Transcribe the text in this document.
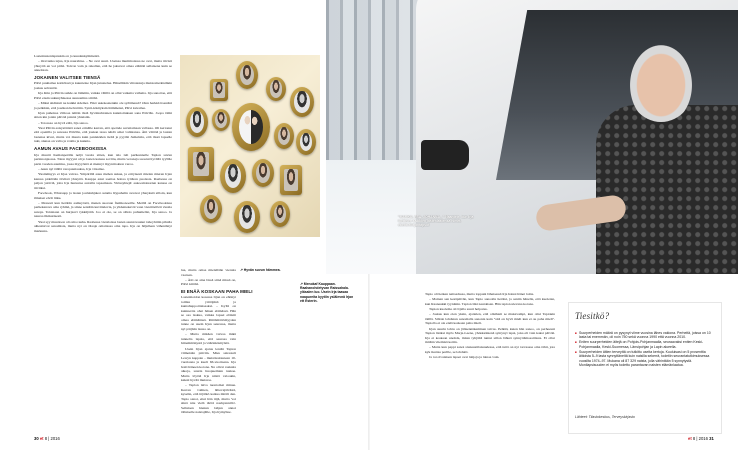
Lastenlastenlapsiakin on jo kuudenkymmentä.

– Oravanka tajua, Irja naurahtaa. – Ne ovat suuri. Useissa mummolassa ne ovat, mutta tiivisti yhteyttä en voi pitää. Toivon vain ja rakallen, että he jaksavat omaa elämää sellaisena kuin se annettaan.

JOKAINEN VALITSEE TIENSÄ

Päivi puuhailee kotitöissä ja kuuntelee Irjan jutustelua. Hänelläkin viitsiasiaja muistomerkistäkin joskus selventär.

Irja äitin ja Päivin suhde on lämmin, vaikka välillä on ollut vaikeita vaiheita. Irja sanottaa, että Päivi ensin sukunyhtuessa suureemna siirtää.

– Miksi ahdistuit ne kaikki sidemot. Eikö uskokaatenkin ole sydämessä? Olen herkkä itsestäni ja pelkäsin, että jouduan helvettiin. Synti-käsityksin hämmensi, Päivi kuvailee.

Irjan puheissa viiltoaa näitän tästä hyväntahtoinen kunnioituksen sana Päiville. Joopa tämä sitten kin jotain päivää palatsi yhteisiin.

– Totossaa on hyvä elää, Irja sanoo.

Yksi Päivin esisystäristä sanoi erinälle kerran, että opettele savuttamaan vallassa. Oli kertonut että openilla ja sanossa Päiville, että joukan tassa tehdä omat valintansa. Äiti väittää ja lautan lastensa kivut, mutta voi muuta kuin paniskäden tieltä ja pyytää Jumalalta, että tässä lapselle tuki, siunaa on valta ja voima ja kunnia.

AAMUN AVAUS FACEBOOKISSA

Irja muutti Kemanperälle neljä vuotta sitten, kun talo tuli perikunnalle Taplon suvun perinnonjaossa. Talon myyyni oli jo lasten kanssa sovittu, mutta veronaja suostui hyvällä tyylille parin vuoden asumisa, jossa myyyöntä ei mennyt myyntirokion veroa.

– Asun nyt täällä veropuuttauksa, Irja vitsailee.

Yksinäinyys ei Irjaa vaivaa. Ympärillä asuu mehen sukua, ja erityisesti mielen mieren Irjan kanssa pideltään tiiviisti yhteyttä. Kauppa asiat saattaa hoitaa tyttären puolesta. Raabessa on paljon ystäviä, joita Irja huruutaa autoilla tapaamaan. Virtusyhtejä: aukoomalaarien kanssa on tiiviiksi.

Facebook, Whatsapp ja lasten joululahjaksi ostama älypuhelin avaavat yhteyksiä silloin, kun ilmeiset eivät liiku.

– Monesti kun herätän aamuyöstä, menen suoraan fiemkonoeille. Meillä on Facebookissa perhekanava oma ryhmä, ja sinne sentään kuvittelevia, ja yhdentekevät vaan viestittelivät viestia sanoja. Toisinaan on hurjaavi tykkäjöitä. Joo ei ole, se on sillois puhumellat, Irja sanoo. Ja nauraa ilkikurisesti.

Yksi syy muuttoon oli oma rauha. Raabessa vietaloissa lasten asuntovaunut tahoyhtitin pihalla aiheuttavat sanomista, mutta nyt on tilaaja omattassa oma tapa. Irja on hiljalleen vähentänyt markusta-

lua, mutta omaa mielellään vieraita vaataan.

– Äiti on aina lässä sitnä missä on, Päivi kiittää.

EI ENÄÄ KOSKAAN PAHA MIELI

Lastenhoidon kosassa Irjan on ehtinyt toimia yrittäjänä ja kuntahuppoittaisaaksi. – Kyllä on kuinnertta ohat hänen elämässä. Hän se osa laskua, vaikka lapset eläisiit omaa elämäänsä. Riittämättömyyden tunne on usein Irjan seurassa, mutta nyt pärjään lastea on.

– Mutta mikäen vaivaa mikä tunnelta lapsia, että seurasa vain hiiremmänystä ja väärinkäsitylsiä.

Usein Irjan ajatus lentää Taplon viimeisiin päiviin. Mies sairasteli Lewyn kappale - muistisairauteen 10-vuotiaana ja kuoli 66-vuotiaana. Irja hoiti häneen kotona. Ne olivat raskaita aikoja, suuria huopuemien tuskaa. Mutta löytää Irja niistä valoakin, kaksit hyvää muistoa.

– Taplon laiva tuontomat minua. Kerran vaihten, äiltevajälvästä, kyselin, että ittjälkö kaiksa mitäli den. Tapio sanoi, ettei hän tiijä, mutta 'voi siinä nite vielä tärttä nashyennillo'. Sellaisen hienun lahjan annoi tällaiselle naistajälle, Irja hymyilee.

↗ Hyvän suvun hämmea.
↗ Menokaf Kauppaan. Raahanohdetyvan Raissahala. yläsalen luo. Usein Irja taasaa naapureita kyytiin yslälevnä Irjan ett Esterin.
30 et 8 | 2016
"MARKO, ESA, JOHANNA..." Naantele. kun Irja luettelee kaikkien lastenlastensa nimet. etlehti.fi/irjantapsot

Tapio oli hetken naitsadassa, mutta loppuni läheisessä Irja halasi hänet loitte.

– Mainan sen kesäpäivän, kun Tapio sanoalla heräisi, ja saniin hänelle, että kuoletan, kun Raanaukki tyyniinin. Tapion läki naurahsan. Hän tapion ulevana kotona.

Tapion kuolema oli Irjalla suuri helpotus.

– Joskus kun olen yksin, ajattelen, että olisiham se mukavampi, kun olisi Tapiokin täällä. Silloin lohdutan sanomalla sanonia kain "sitä on hyvä mieli kun ei ou paha mieli". Tapiolla ei ole enää koskaan paha mieli.

Irjan suurin lohtu on jälleennäkeminen taivas. Pelkää, kuten hän sanoo, on perheessä Tapion lisäksi myös Marja-Leena, yhdeksäntenä syntynyt lapsi, joka eli vain kaksi päivää. Irja ei koskaan unohda, miten tyhjältä tuntui sillon lähteä synnyttämosaitlasta. Ei ollut mitään viiemisä kotiin.

– Mutta kun pappi sanoi siunaustilaisuudessa, että tuttä on nyt tarvaassa oma tähti, jota kyk ikuttaa perille, se lohdutti.

Ja toi olvalaisen lapset ovat lahjoja ja lainaa vain.

Tiesitkö?
■ Suurperheiden määrä on pysynyt viime vuosina lähes vakiona. Perheitä, joissa on 10 lasta tai enemmän, oli noin 750 sekä vuonna 1990 että vuonna 2010.
■ Eniten suurperheiden äitejä on Pohjois-Pohjanmaalla, seuraavaksi eniten Keski-Pohjanmaalla, Keski-Suomessa, Länsipohjan ja Lapin alueella.
■ Suurperheiden äitien terveyttä on tutkittu useita kertoja. Kuuluisasi on 5 prosenttia äitioista 5–9 lasta synnyttäneitä kuin naisilla sekerrä, todetiin seurantatutkimuksessa vuosilta 1974–97. Mukana oli 87 329 naista, jolla vähintään 5 synnytystä. Monilapsisuuden ei myös todettu parantavan naisten elämänlaatua.
Lähteet: Tilastokeskus, Terveyskirjasto
et 8 | 2016 31
